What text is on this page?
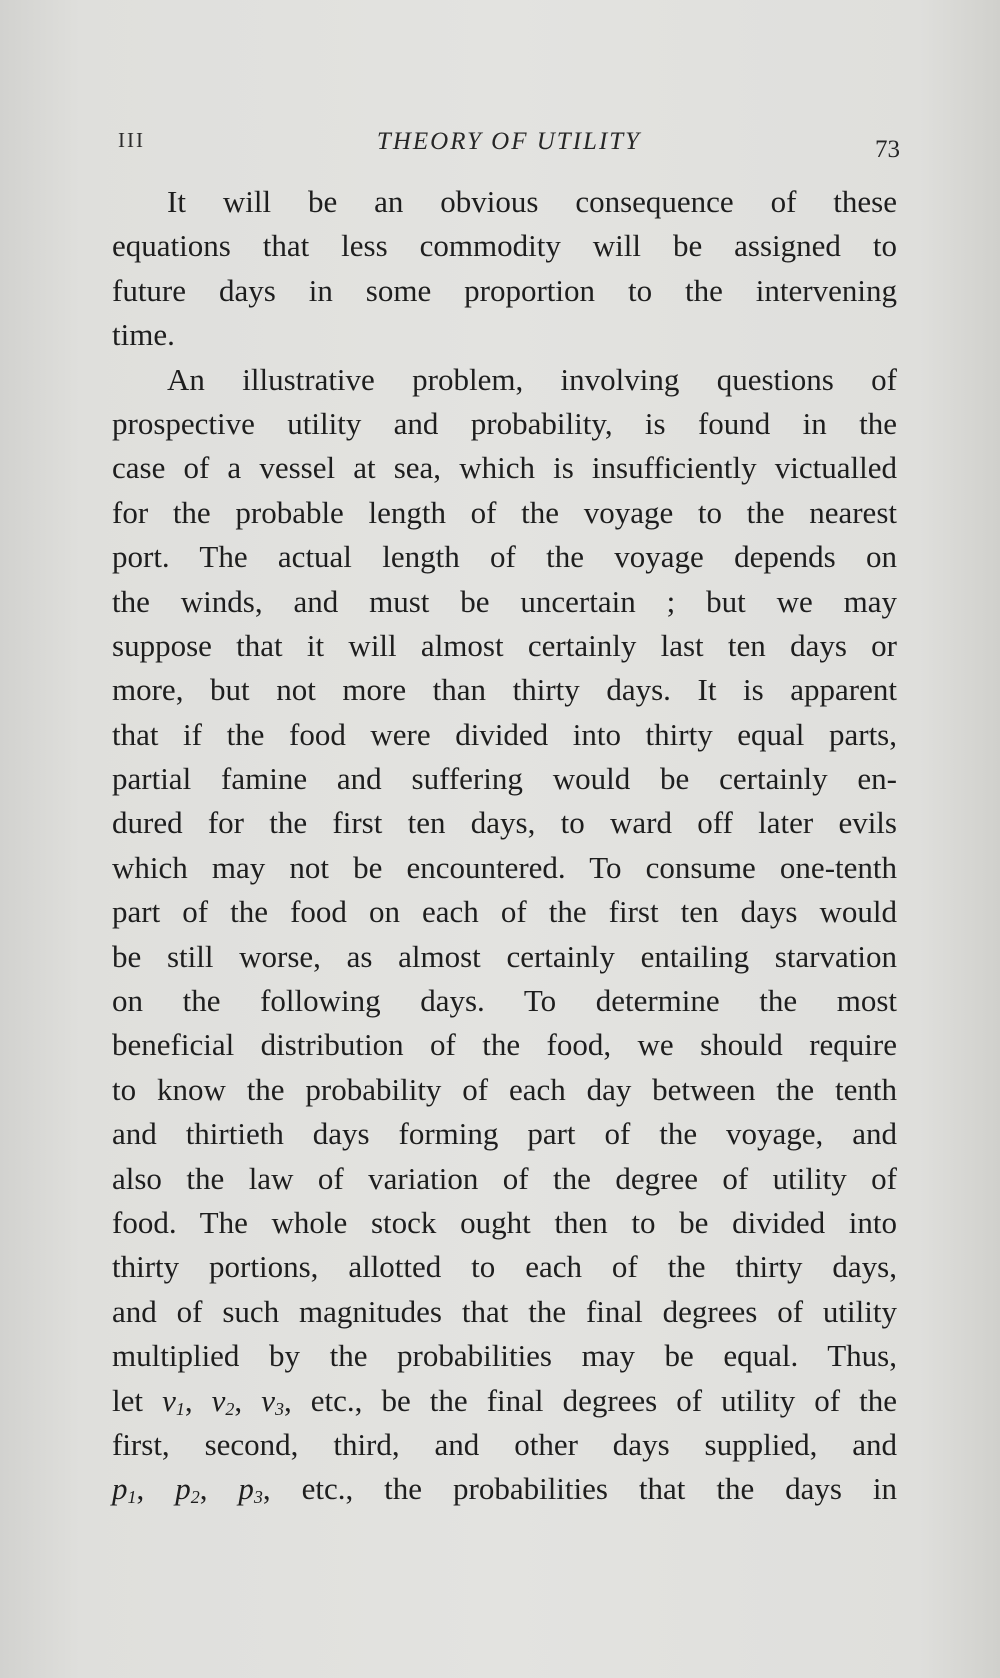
III	THEORY OF UTILITY	73
It will be an obvious consequence of these
equations that less commodity will be assigned to
future days in some proportion to the intervening
time.
An illustrative problem, involving questions of
prospective utility and probability, is found in the
case of a vessel at sea, which is insufficiently victualled
for the probable length of the voyage to the nearest
port. The actual length of the voyage depends on
the winds, and must be uncertain ; but we may
suppose that it will almost certainly last ten days or
more, but not more than thirty days. It is apparent
that if the food were divided into thirty equal parts,
partial famine and suffering would be certainly en-
dured for the first ten days, to ward off later evils
which may not be encountered. To consume one-tenth
part of the food on each of the first ten days would
be still worse, as almost certainly entailing starvation
on the following days. To determine the most
beneficial distribution of the food, we should require
to know the probability of each day between the tenth
and thirtieth days forming part of the voyage, and
also the law of variation of the degree of utility of
food. The whole stock ought then to be divided into
thirty portions, allotted to each of the thirty days,
and of such magnitudes that the final degrees of utility
multiplied by the probabilities may be equal. Thus,
let $v_1$, $v_2$, $v_3$, etc., be the final degrees of utility of the
first, second, third, and other days supplied, and
$p_1$, $p_2$, $p_3$, etc., the probabilities that the days in
